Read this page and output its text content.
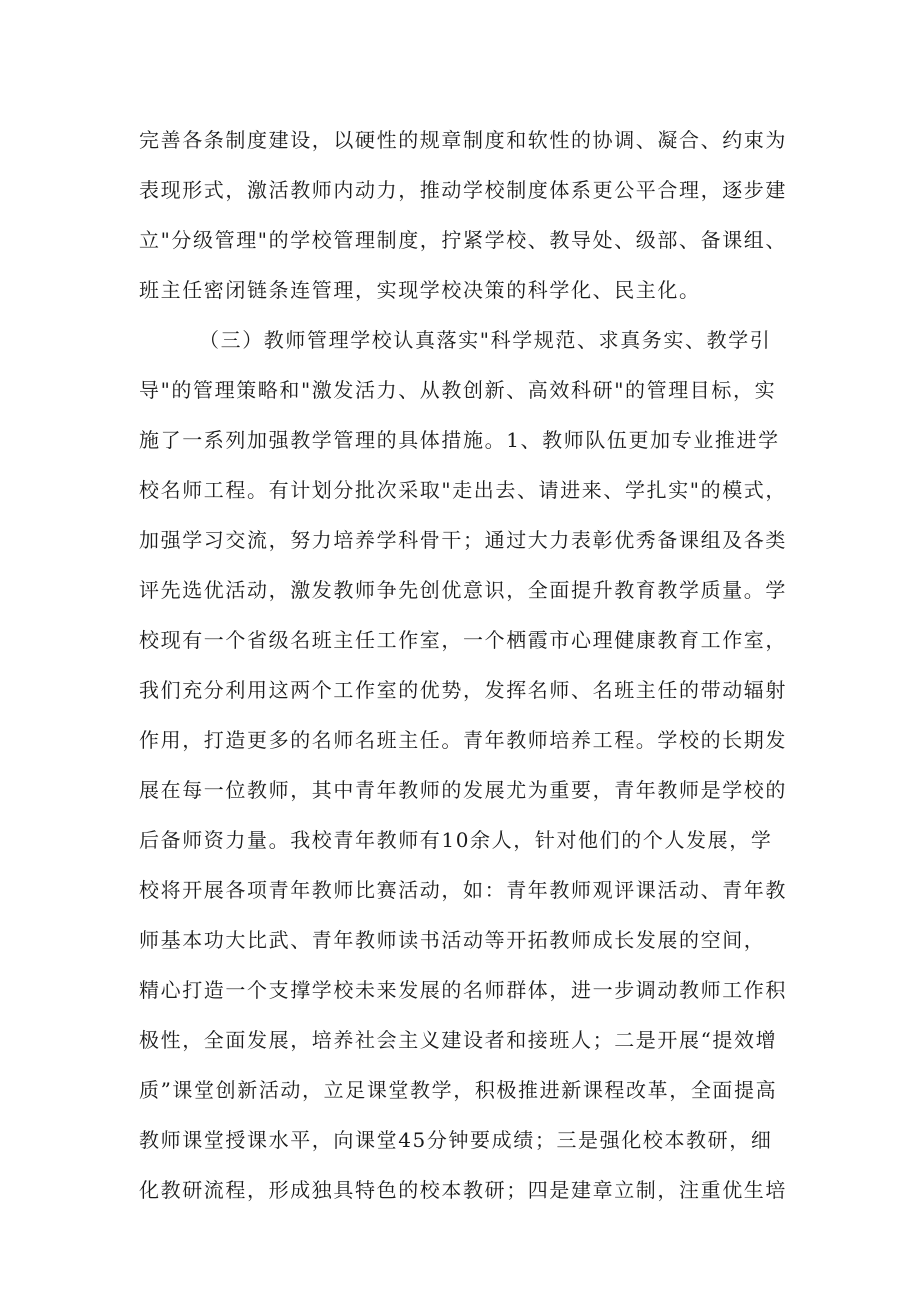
完善各条制度建设，以硬性的规章制度和软性的协调、凝合、约束为
表现形式，激活教师内动力，推动学校制度体系更公平合理，逐步建
立"分级管理"的学校管理制度，拧紧学校、教导处、级部、备课组、
班主任密闭链条连管理，实现学校决策的科学化、民主化。
（三）教师管理学校认真落实"科学规范、求真务实、教学引
导"的管理策略和"激发活力、从教创新、高效科研"的管理目标，实
施了一系列加强教学管理的具体措施。1、教师队伍更加专业推进学
校名师工程。有计划分批次采取"走出去、请进来、学扎实"的模式，
加强学习交流，努力培养学科骨干；通过大力表彰优秀备课组及各类
评先选优活动，激发教师争先创优意识，全面提升教育教学质量。学
校现有一个省级名班主任工作室，一个栖霞市心理健康教育工作室，
我们充分利用这两个工作室的优势，发挥名师、名班主任的带动辐射
作用，打造更多的名师名班主任。青年教师培养工程。学校的长期发
展在每一位教师，其中青年教师的发展尤为重要，青年教师是学校的
后备师资力量。我校青年教师有10余人，针对他们的个人发展，学
校将开展各项青年教师比赛活动，如：青年教师观评课活动、青年教
师基本功大比武、青年教师读书活动等开拓教师成长发展的空间，
精心打造一个支撑学校未来发展的名师群体，进一步调动教师工作积
极性，全面发展，培养社会主义建设者和接班人；二是开展“提效增
质”课堂创新活动，立足课堂教学，积极推进新课程改革，全面提高
教师课堂授课水平，向课堂45分钟要成绩；三是强化校本教研，细
化教研流程，形成独具特色的校本教研；四是建章立制，注重优生培
